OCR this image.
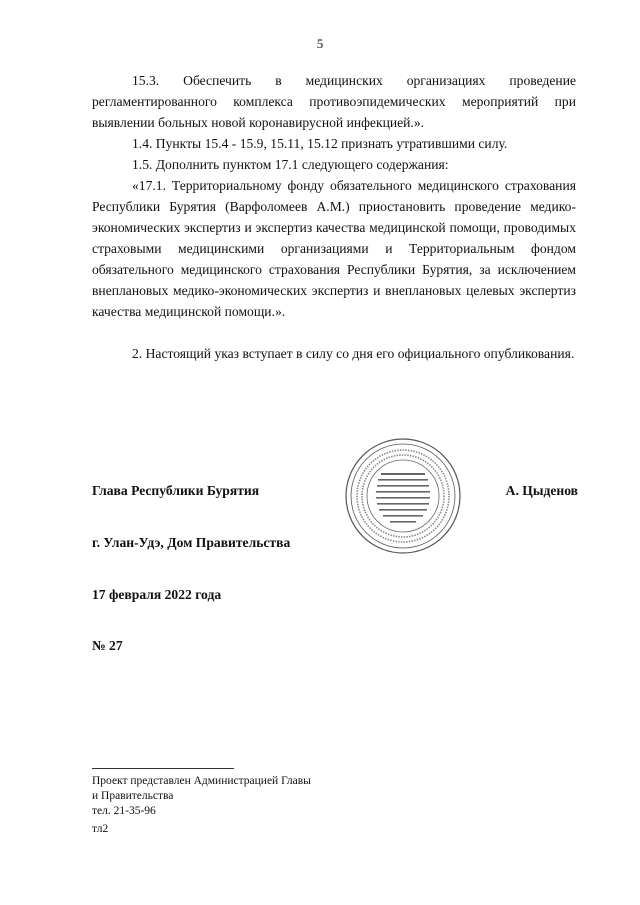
5

15.3. Обеспечить в медицинских организациях проведение регламентированного комплекса противоэпидемических мероприятий при выявлении больных новой коронавирусной инфекцией.».

1.4. Пункты 15.4 - 15.9, 15.11, 15.12 признать утратившими силу.

1.5. Дополнить пунктом 17.1 следующего содержания:

«17.1. Территориальному фонду обязательного медицинского страхования Республики Бурятия (Варфоломеев А.М.) приостановить проведение медико-экономических экспертиз и экспертиз качества медицинской помощи, проводимых страховыми медицинскими организациями и Территориальным фондом обязательного медицинского страхования Республики Бурятия, за исключением внеплановых медико-экономических экспертиз и внеплановых целевых экспертиз качества медицинской помощи.».

2. Настоящий указ вступает в силу со дня его официального опубликования.

Глава Республики Бурятия	А. Цыденов
г. Улан-Удэ, Дом Правительства
17 февраля 2022 года
№ 27
Проект представлен Администрацией Главы
и Правительства
тел. 21-35-96
тл2
